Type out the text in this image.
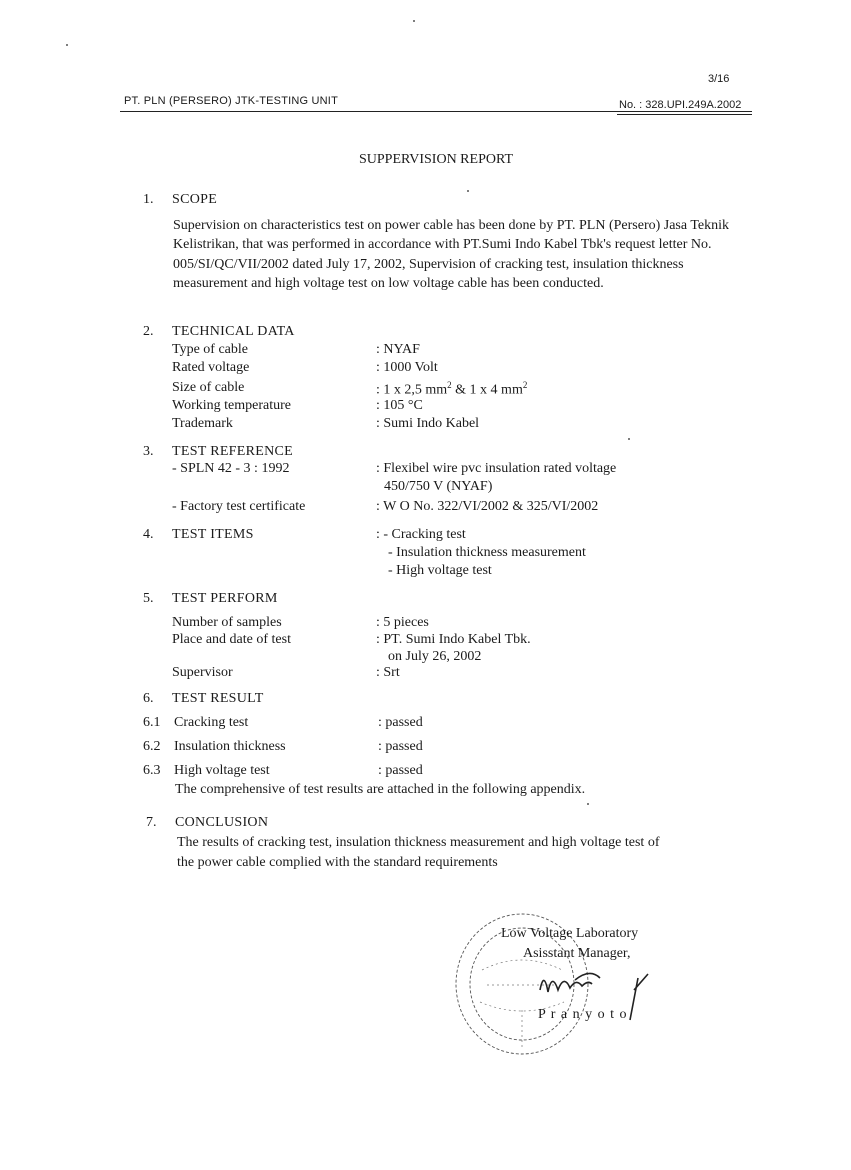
3/16
PT. PLN (PERSERO) JTK-TESTING UNIT	No. : 328.UPI.249A.2002
SUPPERVISION REPORT
1. SCOPE
Supervision on characteristics test on power cable has been done by PT. PLN (Persero) Jasa Teknik Kelistrikan, that was performed in accordance with PT.Sumi Indo Kabel Tbk's request letter No. 005/SI/QC/VII/2002 dated July 17, 2002, Supervision of cracking test, insulation thickness measurement and high voltage test on low voltage cable has been conducted.
2. TECHNICAL DATA
Type of cable	: NYAF
Rated voltage	: 1000 Volt
Size of cable	: 1 x 2,5 $mm^2$ & 1 x 4 $mm^2$
Working temperature	: 105 °C
Trademark	: Sumi Indo Kabel
3. TEST REFERENCE
- SPLN 42 - 3 : 1992	: Flexibel wire pvc insulation rated voltage
450/750 V (NYAF)
- Factory test certificate	: W O No. 322/VI/2002 & 325/VI/2002
4. TEST ITEMS	: - Cracking test
- Insulation thickness measurement
- High voltage test
5. TEST PERFORM
Number of samples	: 5 pieces
Place and date of test	: PT. Sumi Indo Kabel Tbk.
on July 26, 2002
Supervisor	: Srt
6. TEST RESULT
6.1 Cracking test	: passed
6.2 Insulation thickness	: passed
6.3 High voltage test	: passed
The comprehensive of test results are attached in the following appendix.
7. CONCLUSION
The results of cracking test, insulation thickness measurement and high voltage test of
the power cable complied with the standard requirements
Low Voltage Laboratory
Asisstant Manager,
P r a n y o t o
